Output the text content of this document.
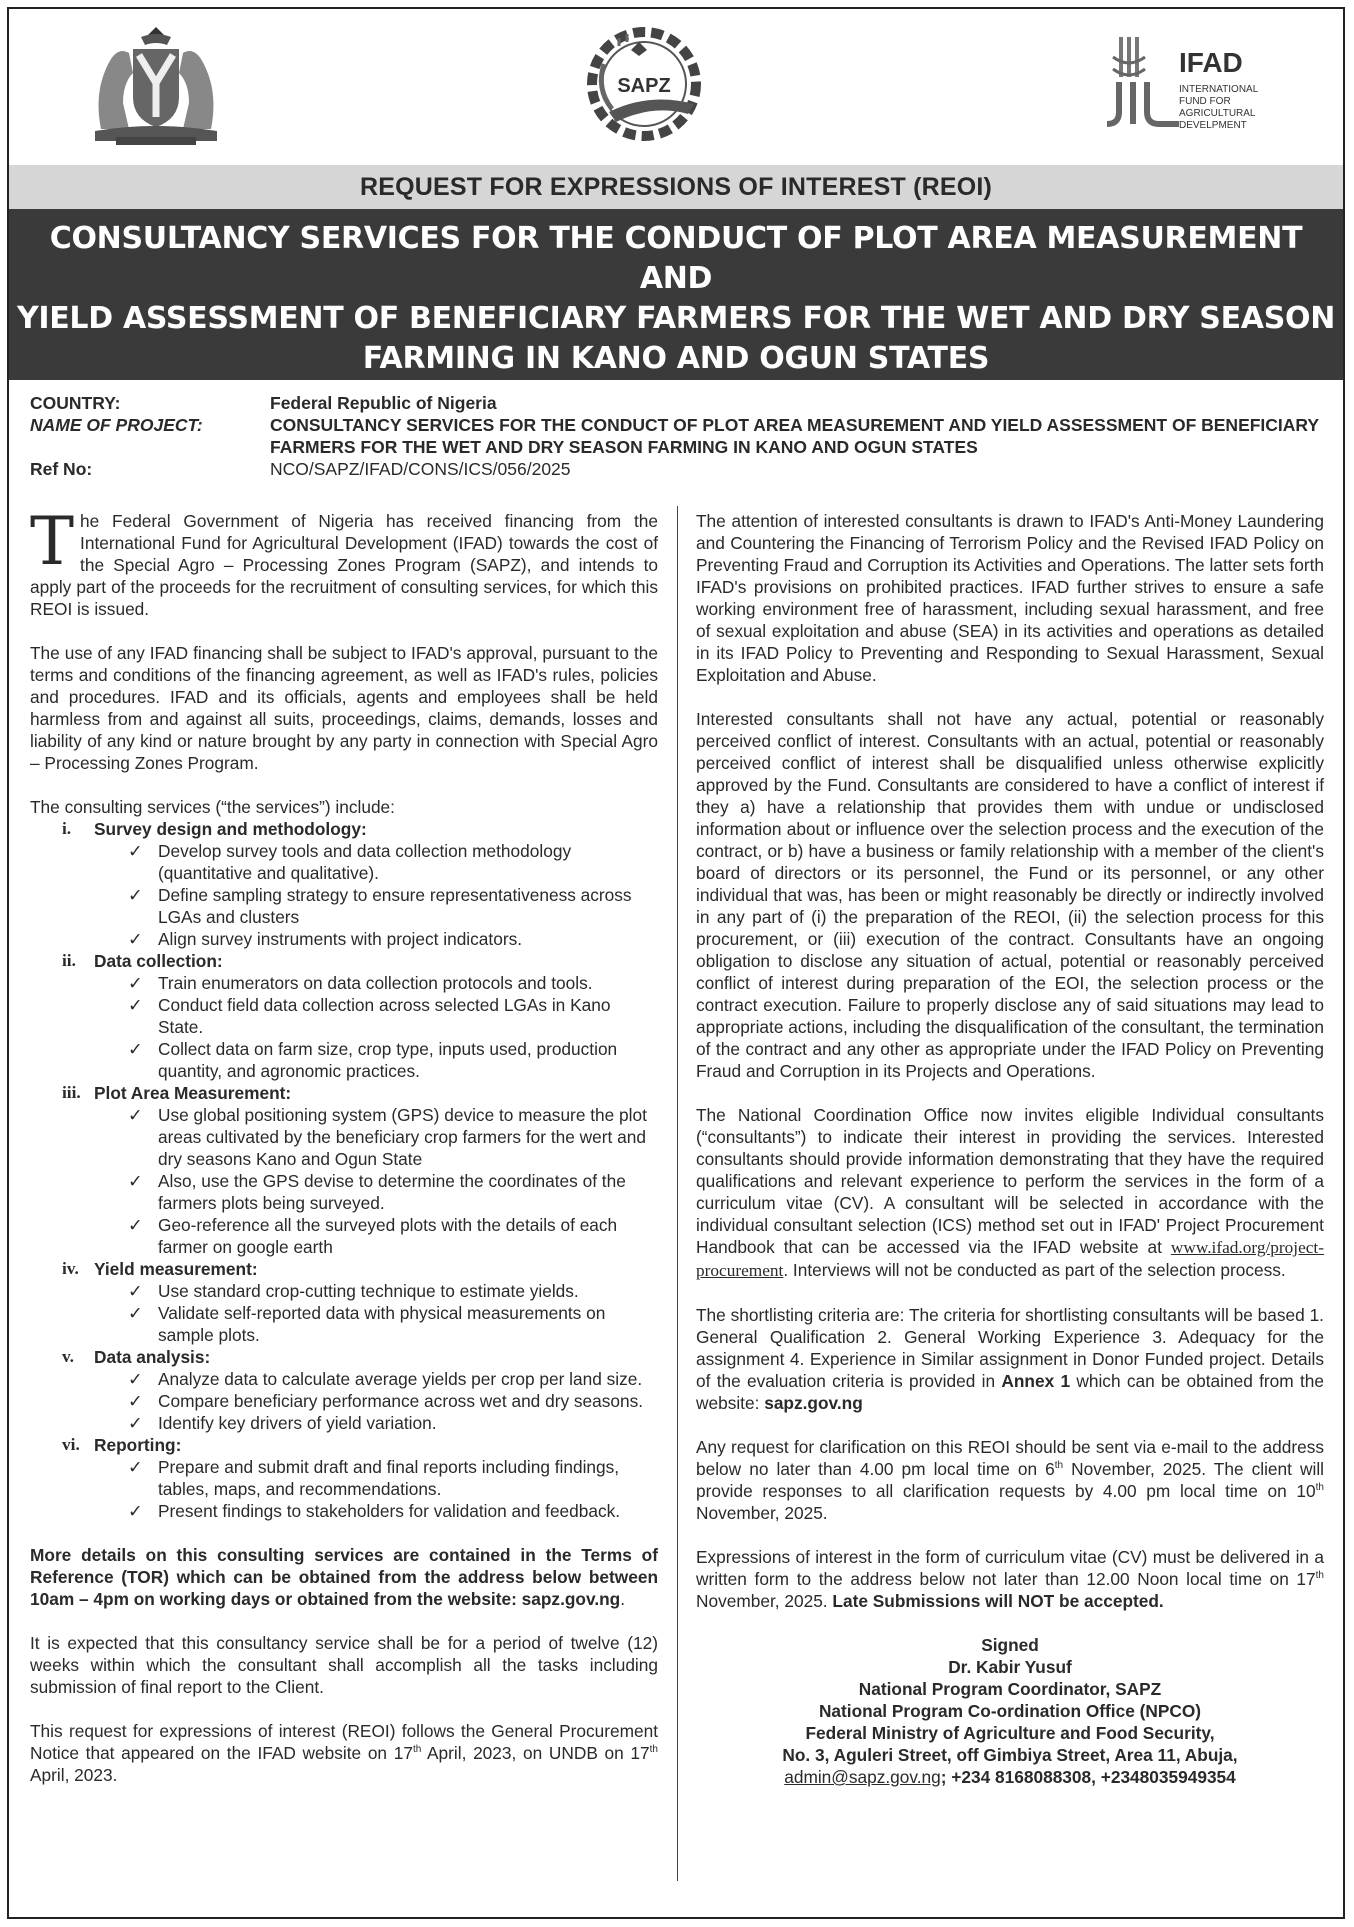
SAPZ
IFAD
INTERNATIONAL
FUND FOR
AGRICULTURAL
DEVELPMENT
REQUEST FOR EXPRESSIONS OF INTEREST (REOI)
CONSULTANCY SERVICES FOR THE CONDUCT OF PLOT AREA MEASUREMENT AND
YIELD ASSESSMENT OF BENEFICIARY FARMERS FOR THE WET AND DRY SEASON
FARMING IN KANO AND OGUN STATES
(INDIVIDUAL CONSULTANT SELECTION)
COUNTRY:	Federal Republic of Nigeria
NAME OF PROJECT:	CONSULTANCY SERVICES FOR THE CONDUCT OF PLOT AREA MEASUREMENT AND YIELD ASSESSMENT OF BENEFICIARY FARMERS FOR THE WET AND DRY SEASON FARMING IN KANO AND OGUN STATES
Ref No:	NCO/SAPZ/IFAD/CONS/ICS/056/2025

The Federal Government of Nigeria has received financing from the International Fund for Agricultural Development (IFAD) towards the cost of the Special Agro – Processing Zones Program (SAPZ), and intends to apply part of the proceeds for the recruitment of consulting services, for which this REOI is issued.

The use of any IFAD financing shall be subject to IFAD's approval, pursuant to the terms and conditions of the financing agreement, as well as IFAD's rules, policies and procedures. IFAD and its officials, agents and employees shall be held harmless from and against all suits, proceedings, claims, demands, losses and liability of any kind or nature brought by any party in connection with Special Agro – Processing Zones Program.

The consulting services (“the services”) include:
i. Survey design and methodology:
✓ Develop survey tools and data collection methodology (quantitative and qualitative).
✓ Define sampling strategy to ensure representativeness across LGAs and clusters
✓ Align survey instruments with project indicators.
ii. Data collection:
✓ Train enumerators on data collection protocols and tools.
✓ Conduct field data collection across selected LGAs in Kano State.
✓ Collect data on farm size, crop type, inputs used, production quantity, and agronomic practices.
iii. Plot Area Measurement:
✓ Use global positioning system (GPS) device to measure the plot areas cultivated by the beneficiary crop farmers for the wert and dry seasons Kano and Ogun State
✓ Also, use the GPS devise to determine the coordinates of the farmers plots being surveyed.
✓ Geo-reference all the surveyed plots with the details of each farmer on google earth
iv. Yield measurement:
✓ Use standard crop-cutting technique to estimate yields.
✓ Validate self-reported data with physical measurements on sample plots.
v. Data analysis:
✓ Analyze data to calculate average yields per crop per land size.
✓ Compare beneficiary performance across wet and dry seasons.
✓ Identify key drivers of yield variation.
vi. Reporting:
✓ Prepare and submit draft and final reports including findings, tables, maps, and recommendations.
✓ Present findings to stakeholders for validation and feedback.

More details on this consulting services are contained in the Terms of Reference (TOR) which can be obtained from the address below between 10am – 4pm on working days or obtained from the website: sapz.gov.ng.

It is expected that this consultancy service shall be for a period of twelve (12) weeks within which the consultant shall accomplish all the tasks including submission of final report to the Client.

This request for expressions of interest (REOI) follows the General Procurement Notice that appeared on the IFAD website on 17th April, 2023, on UNDB on 17th April, 2023.

The attention of interested consultants is drawn to IFAD's Anti-Money Laundering and Countering the Financing of Terrorism Policy and the Revised IFAD Policy on Preventing Fraud and Corruption its Activities and Operations. The latter sets forth IFAD's provisions on prohibited practices. IFAD further strives to ensure a safe working environment free of harassment, including sexual harassment, and free of sexual exploitation and abuse (SEA) in its activities and operations as detailed in its IFAD Policy to Preventing and Responding to Sexual Harassment, Sexual Exploitation and Abuse.

Interested consultants shall not have any actual, potential or reasonably perceived conflict of interest. Consultants with an actual, potential or reasonably perceived conflict of interest shall be disqualified unless otherwise explicitly approved by the Fund. Consultants are considered to have a conflict of interest if they a) have a relationship that provides them with undue or undisclosed information about or influence over the selection process and the execution of the contract, or b) have a business or family relationship with a member of the client's board of directors or its personnel, the Fund or its personnel, or any other individual that was, has been or might reasonably be directly or indirectly involved in any part of (i) the preparation of the REOI, (ii) the selection process for this procurement, or (iii) execution of the contract. Consultants have an ongoing obligation to disclose any situation of actual, potential or reasonably perceived conflict of interest during preparation of the EOI, the selection process or the contract execution. Failure to properly disclose any of said situations may lead to appropriate actions, including the disqualification of the consultant, the termination of the contract and any other as appropriate under the IFAD Policy on Preventing Fraud and Corruption in its Projects and Operations.

The National Coordination Office now invites eligible Individual consultants (“consultants”) to indicate their interest in providing the services. Interested consultants should provide information demonstrating that they have the required qualifications and relevant experience to perform the services in the form of a curriculum vitae (CV). A consultant will be selected in accordance with the individual consultant selection (ICS) method set out in IFAD' Project Procurement Handbook that can be accessed via the IFAD website at www.ifad.org/project-procurement. Interviews will not be conducted as part of the selection process.

The shortlisting criteria are: The criteria for shortlisting consultants will be based 1. General Qualification 2. General Working Experience 3. Adequacy for the assignment 4. Experience in Similar assignment in Donor Funded project. Details of the evaluation criteria is provided in Annex 1 which can be obtained from the website: sapz.gov.ng

Any request for clarification on this REOI should be sent via e-mail to the address below no later than 4.00 pm local time on 6th November, 2025. The client will provide responses to all clarification requests by 4.00 pm local time on 10th November, 2025.

Expressions of interest in the form of curriculum vitae (CV) must be delivered in a written form to the address below not later than 12.00 Noon local time on 17th November, 2025. Late Submissions will NOT be accepted.

Signed
Dr. Kabir Yusuf
National Program Coordinator, SAPZ
National Program Co-ordination Office (NPCO)
Federal Ministry of Agriculture and Food Security,
No. 3, Aguleri Street, off Gimbiya Street, Area 11, Abuja,
admin@sapz.gov.ng; +234 8168088308, +2348035949354
